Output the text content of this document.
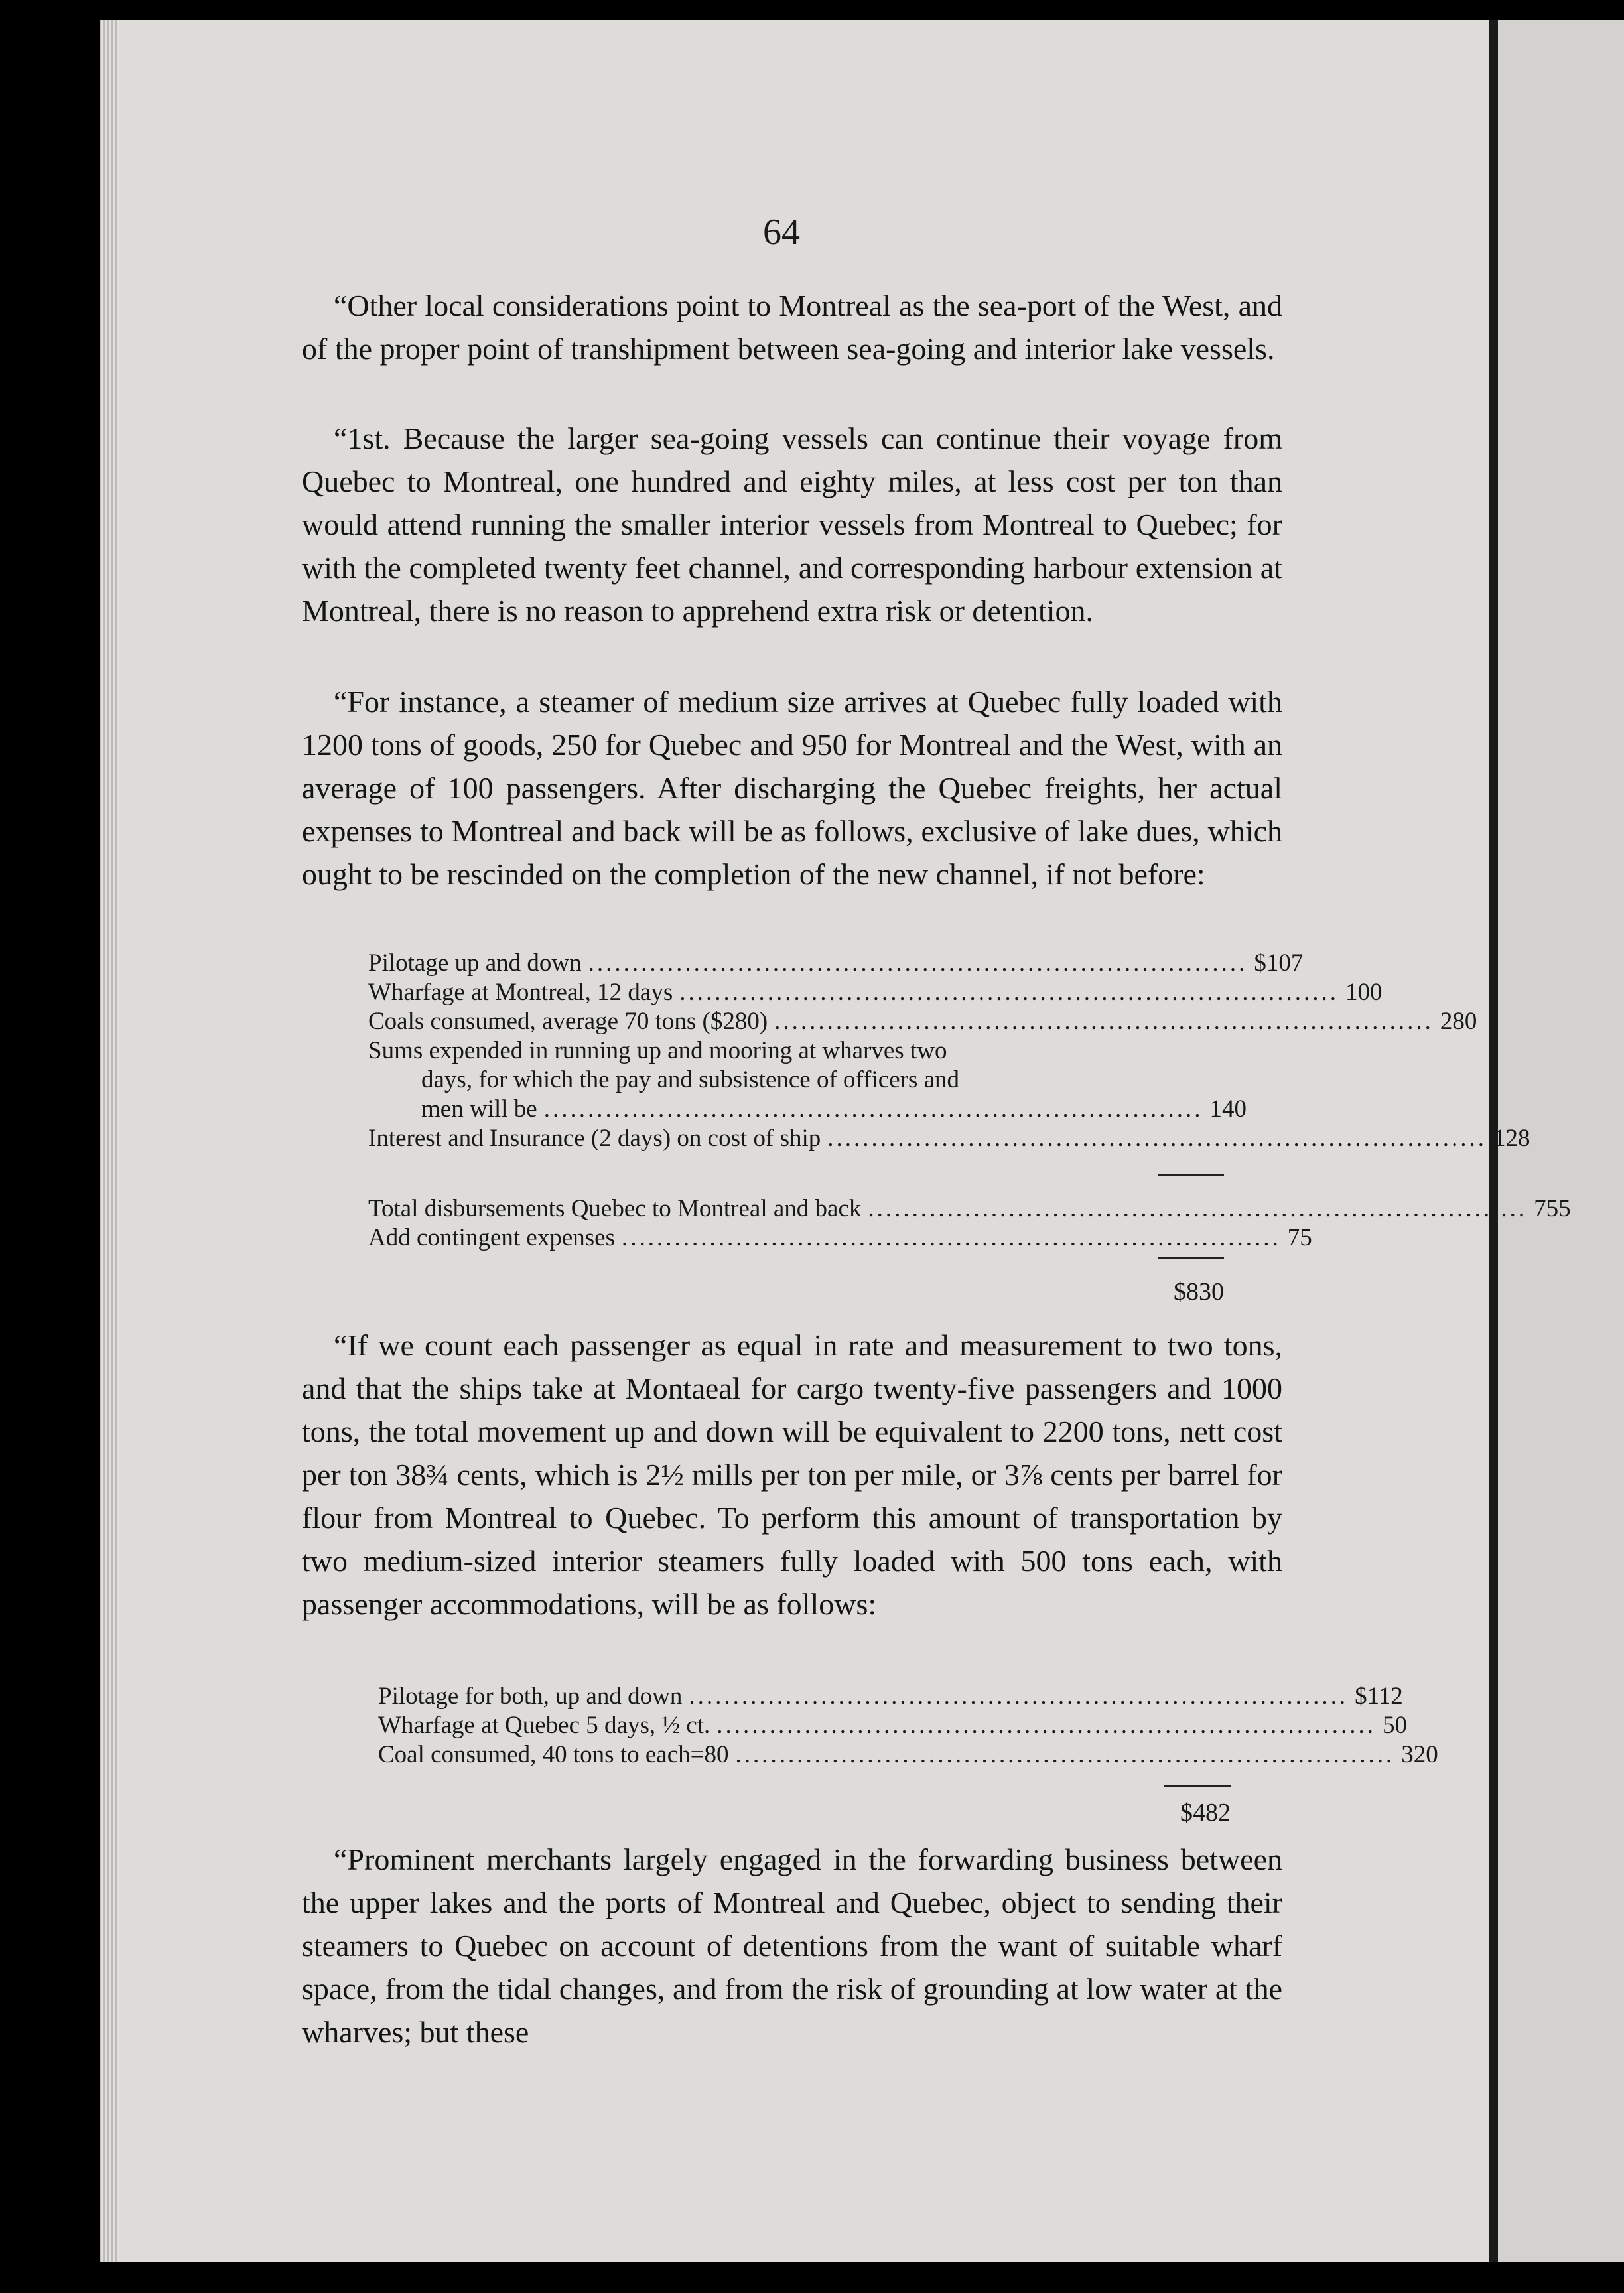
64

“Other local considerations point to Montreal as the sea-port of the West, and of the proper point of transhipment between sea-going and interior lake vessels.

“1st. Because the larger sea-going vessels can continue their voyage from Quebec to Montreal, one hundred and eighty miles, at less cost per ton than would attend running the smaller interior vessels from Montreal to Quebec; for with the completed twenty feet channel, and corresponding harbour extension at Montreal, there is no reason to apprehend extra risk or detention.

“For instance, a steamer of medium size arrives at Quebec fully loaded with 1200 tons of goods, 250 for Quebec and 950 for Montreal and the West, with an average of 100 passengers. After discharging the Quebec freights, her actual expenses to Montreal and back will be as follows, exclusive of lake dues, which ought to be rescinded on the completion of the new channel, if not before:

Pilotage up and down ........................................................................... $107
Wharfage at Montreal, 12 days ........................................................................... 100
Coals consumed, average 70 tons ($280) ........................................................................... 280
Sums expended in running up and mooring at wharves two
days, for which the pay and subsistence of officers and
men will be ........................................................................... 140
Interest and Insurance (2 days) on cost of ship ........................................................................... 128
Total disbursements Quebec to Montreal and back ........................................................................... 755
Add contingent expenses ........................................................................... 75
$830

“If we count each passenger as equal in rate and measurement to two tons, and that the ships take at Montaeal for cargo twenty-five passengers and 1000 tons, the total movement up and down will be equivalent to 2200 tons, nett cost per ton 38¾ cents, which is 2½ mills per ton per mile, or 3⅞ cents per barrel for flour from Montreal to Quebec. To perform this amount of transportation by two medium-sized interior steamers fully loaded with 500 tons each, with passenger accommodations, will be as follows:

Pilotage for both, up and down ........................................................................... $112
Wharfage at Quebec 5 days, ½ ct. ........................................................................... 50
Coal consumed, 40 tons to each=80 ........................................................................... 320
$482

“Prominent merchants largely engaged in the forwarding business between the upper lakes and the ports of Montreal and Quebec, object to sending their steamers to Quebec on account of detentions from the want of suitable wharf space, from the tidal changes, and from the risk of grounding at low water at the wharves; but these
